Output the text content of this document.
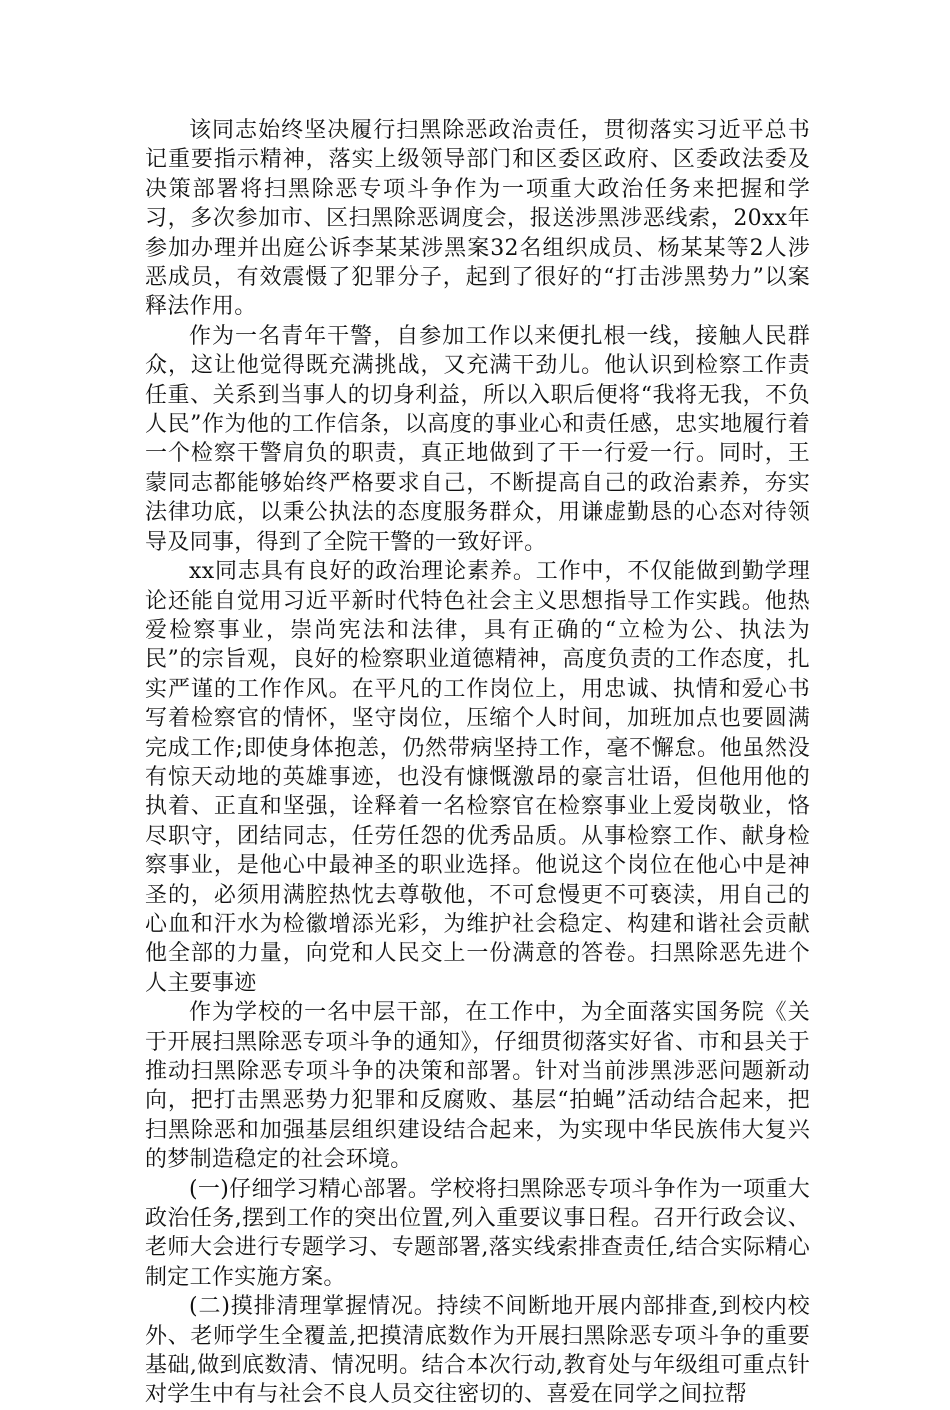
该同志始终坚决履行扫黑除恶政治责任，贯彻落实习近平总书记重要指示精神，落实上级领导部门和区委区政府、区委政法委及决策部署将扫黑除恶专项斗争作为一项重大政治任务来把握和学习，多次参加市、区扫黑除恶调度会，报送涉黑涉恶线索，20xx年参加办理并出庭公诉李某某涉黑案32名组织成员、杨某某等2人涉恶成员，有效震慑了犯罪分子，起到了很好的“打击涉黑势力”以案释法作用。

作为一名青年干警，自参加工作以来便扎根一线，接触人民群众，这让他觉得既充满挑战，又充满干劲儿。他认识到检察工作责任重、关系到当事人的切身利益，所以入职后便将“我将无我，不负人民”作为他的工作信条，以高度的事业心和责任感，忠实地履行着一个检察干警肩负的职责，真正地做到了干一行爱一行。同时，王蒙同志都能够始终严格要求自己，不断提高自己的政治素养，夯实法律功底，以秉公执法的态度服务群众，用谦虚勤恳的心态对待领导及同事，得到了全院干警的一致好评。

xx同志具有良好的政治理论素养。工作中，不仅能做到勤学理论还能自觉用习近平新时代特色社会主义思想指导工作实践。他热爱检察事业，崇尚宪法和法律，具有正确的“立检为公、执法为民”的宗旨观，良好的检察职业道德精神，高度负责的工作态度，扎实严谨的工作作风。在平凡的工作岗位上，用忠诚、执情和爱心书写着检察官的情怀，坚守岗位，压缩个人时间，加班加点也要圆满完成工作;即使身体抱恙，仍然带病坚持工作，毫不懈怠。他虽然没有惊天动地的英雄事迹，也没有慷慨激昂的豪言壮语，但他用他的执着、正直和坚强，诠释着一名检察官在检察事业上爱岗敬业，恪尽职守，团结同志，任劳任怨的优秀品质。从事检察工作、献身检察事业，是他心中最神圣的职业选择。他说这个岗位在他心中是神圣的，必须用满腔热忱去尊敬他，不可怠慢更不可亵渎，用自己的心血和汗水为检徽增添光彩，为维护社会稳定、构建和谐社会贡献他全部的力量，向党和人民交上一份满意的答卷。扫黑除恶先进个人主要事迹

作为学校的一名中层干部，在工作中，为全面落实国务院《关于开展扫黑除恶专项斗争的通知》，仔细贯彻落实好省、市和县关于推动扫黑除恶专项斗争的决策和部署。针对当前涉黑涉恶问题新动向，把打击黑恶势力犯罪和反腐败、基层“拍蝇”活动结合起来，把扫黑除恶和加强基层组织建设结合起来，为实现中华民族伟大复兴的梦制造稳定的社会环境。

(一)仔细学习精心部署。学校将扫黑除恶专项斗争作为一项重大政治任务,摆到工作的突出位置,列入重要议事日程。召开行政会议、老师大会进行专题学习、专题部署,落实线索排查责任,结合实际精心制定工作实施方案。

(二)摸排清理掌握情况。持续不间断地开展内部排查,到校内校外、老师学生全覆盖,把摸清底数作为开展扫黑除恶专项斗争的重要基础,做到底数清、情况明。结合本次行动,教育处与年级组可重点针对学生中有与社会不良人员交往密切的、喜爱在同学之间拉帮
